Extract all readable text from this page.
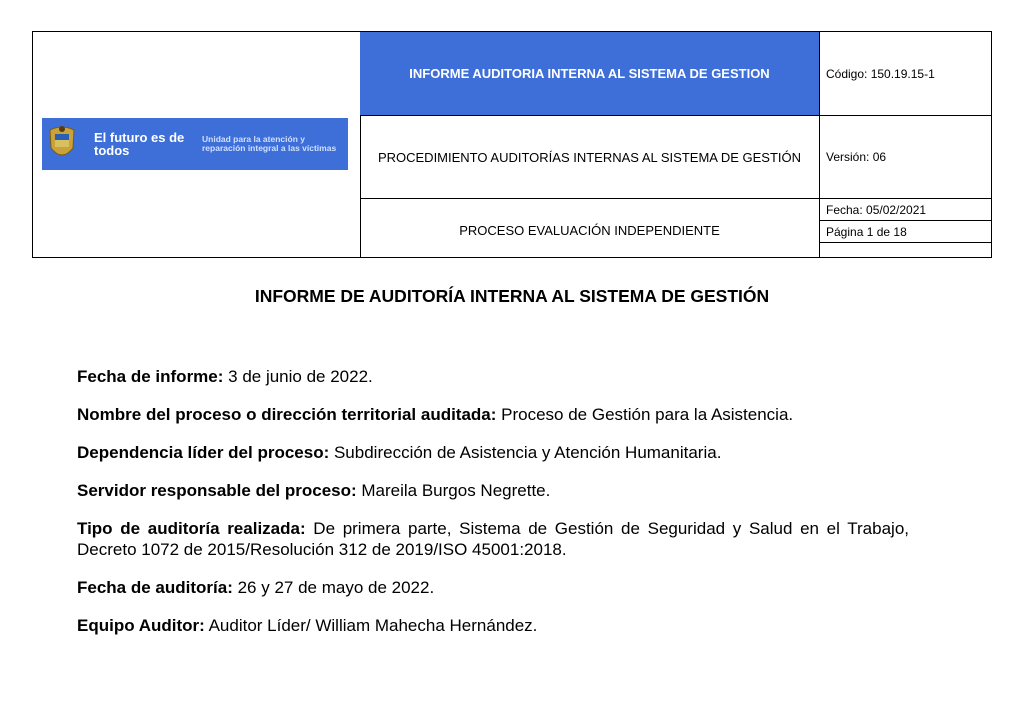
El futuro es de todos
Unidad para la atención y reparación integral a las víctimas
INFORME AUDITORIA INTERNA AL SISTEMA DE GESTION
PROCEDIMIENTO AUDITORÍAS INTERNAS AL SISTEMA DE GESTIÓN
PROCESO EVALUACIÓN INDEPENDIENTE
Código: 150.19.15-1
Versión: 06
Fecha: 05/02/2021
Página 1 de 18
INFORME DE AUDITORÍA INTERNA AL SISTEMA DE GESTIÓN

Fecha de informe: 3 de junio de 2022.

Nombre del proceso o dirección territorial auditada: Proceso de Gestión para la Asistencia.

Dependencia líder del proceso: Subdirección de Asistencia y Atención Humanitaria.

Servidor responsable del proceso: Mareila Burgos Negrette.

Tipo de auditoría realizada: De primera parte, Sistema de Gestión de Seguridad y Salud en el Trabajo, Decreto 1072 de 2015/Resolución 312 de 2019/ISO 45001:2018.

Fecha de auditoría: 26 y 27 de mayo de 2022.

Equipo Auditor: Auditor Líder/ William Mahecha Hernández.
